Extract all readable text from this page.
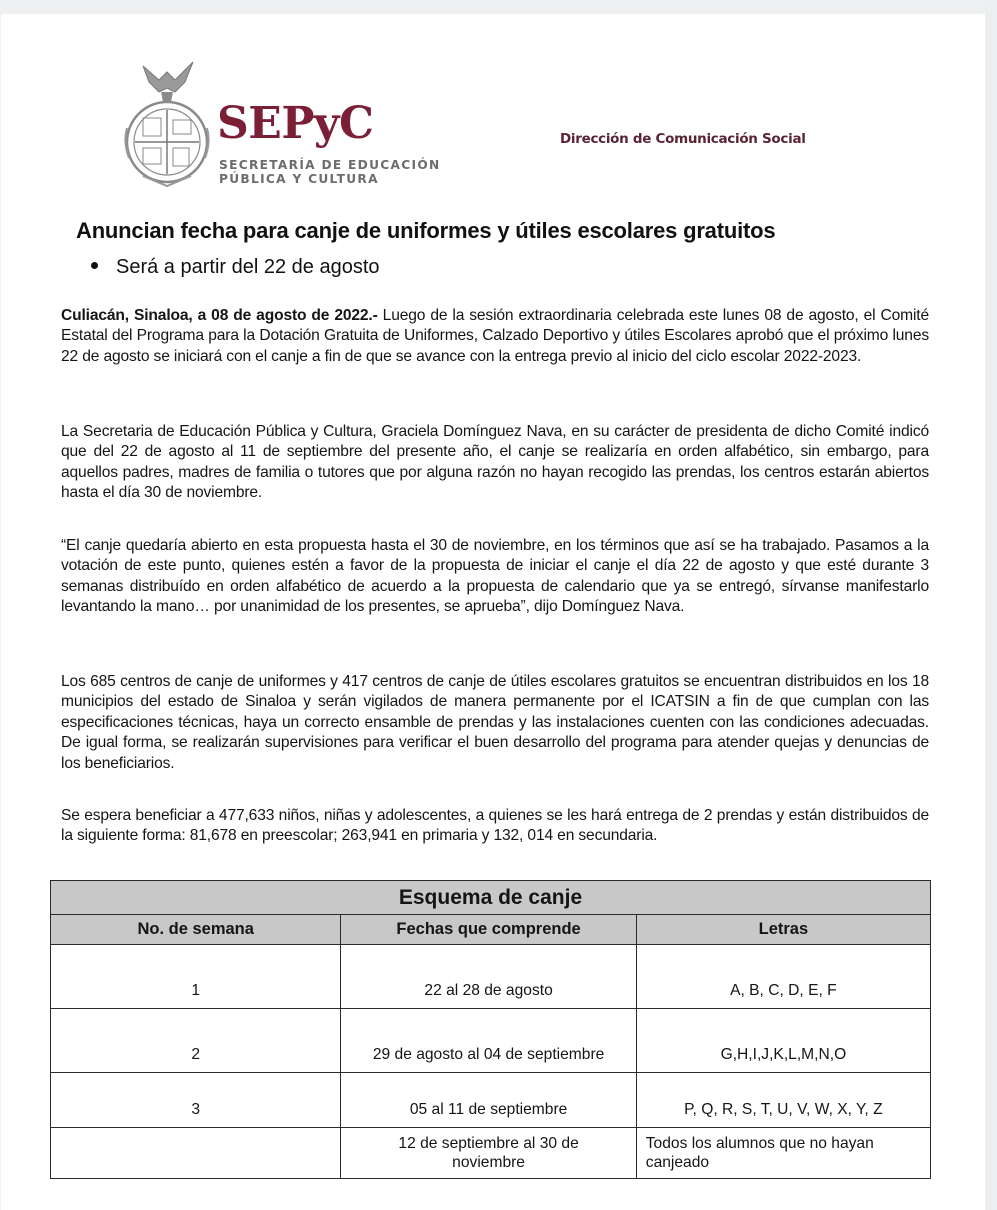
SEPyC
SECRETARÍA DE EDUCACIÓN
PÚBLICA Y CULTURA
Dirección de Comunicación Social
Anuncian fecha para canje de uniformes y útiles escolares gratuitos
Será a partir del 22 de agosto
Culiacán, Sinaloa, a 08 de agosto de 2022.- Luego de la sesión extraordinaria celebrada este lunes 08 de agosto, el Comité Estatal del Programa para la Dotación Gratuita de Uniformes, Calzado Deportivo y útiles Escolares aprobó que el próximo lunes 22 de agosto se iniciará con el canje a fin de que se avance con la entrega previo al inicio del ciclo escolar 2022-2023.
La Secretaria de Educación Pública y Cultura, Graciela Domínguez Nava, en su carácter de presidenta de dicho Comité indicó que del 22 de agosto al 11 de septiembre del presente año, el canje se realizaría en orden alfabético, sin embargo, para aquellos padres, madres de familia o tutores que por alguna razón no hayan recogido las prendas, los centros estarán abiertos hasta el día 30 de noviembre.
“El canje quedaría abierto en esta propuesta hasta el 30 de noviembre, en los términos que así se ha trabajado. Pasamos a la votación de este punto, quienes estén a favor de la propuesta de iniciar el canje el día 22 de agosto y que esté durante 3 semanas distribuído en orden alfabético de acuerdo a la propuesta de calendario que ya se entregó, sírvanse manifestarlo levantando la mano… por unanimidad de los presentes, se aprueba”, dijo Domínguez Nava.
Los 685 centros de canje de uniformes y 417 centros de canje de útiles escolares gratuitos se encuentran distribuidos en los 18 municipios del estado de Sinaloa y serán vigilados de manera permanente por el ICATSIN a fin de que cumplan con las especificaciones técnicas, haya un correcto ensamble de prendas y las instalaciones cuenten con las condiciones adecuadas. De igual forma, se realizarán supervisiones para verificar el buen desarrollo del programa para atender quejas y denuncias de los beneficiarios.
Se espera beneficiar a 477,633 niños, niñas y adolescentes, a quienes se les hará entrega de 2 prendas y están distribuidos de la siguiente forma: 81,678 en preescolar; 263,941 en primaria y 132, 014 en secundaria.
Esquema de canje		
No. de semana	Fechas que comprende	Letras
1	22 al 28 de agosto	A, B, C, D, E, F
2	29 de agosto al 04 de septiembre	G,H,I,J,K,L,M,N,O
3	05 al 11 de septiembre	P, Q, R, S, T, U, V, W, X, Y, Z
	12 de septiembre al 30 de noviembre	Todos los alumnos que no hayan canjeado
